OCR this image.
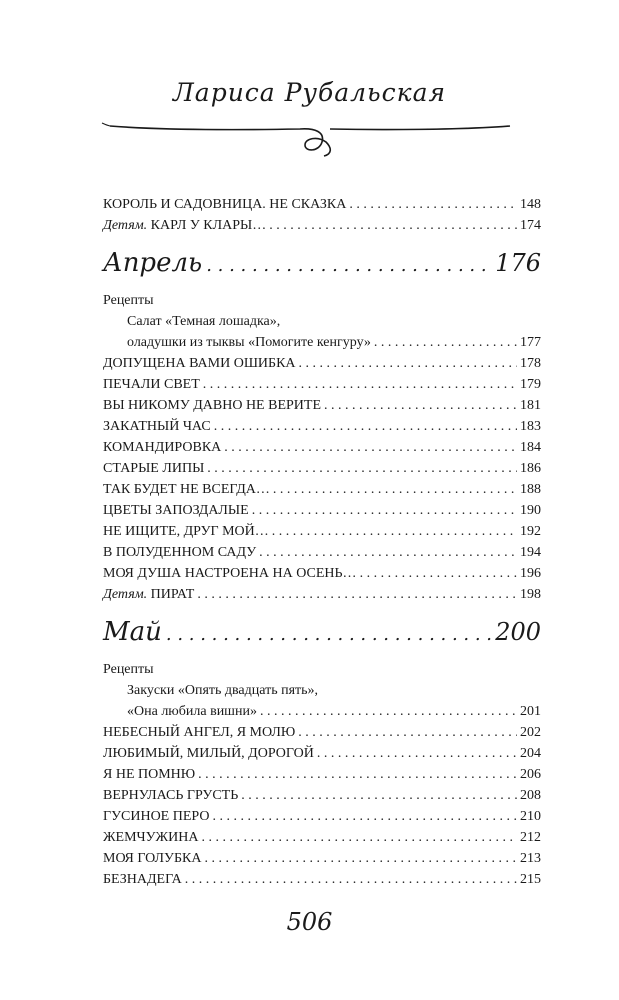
Лариса Рубальская
КОРОЛЬ И САДОВНИЦА. НЕ СКАЗКА . . .	148
Детям. КАРЛ У КЛАРЫ… . . .	174
Апрель . . .	176
Рецепты
Салат «Темная лошадка»,
оладушки из тыквы «Помогите кенгуру» . . .	177
ДОПУЩЕНА ВАМИ ОШИБКА . . .	178
ПЕЧАЛИ СВЕТ . . .	179
ВЫ НИКОМУ ДАВНО НЕ ВЕРИТЕ . . .	181
ЗАКАТНЫЙ ЧАС . . .	183
КОМАНДИРОВКА . . .	184
СТАРЫЕ ЛИПЫ . . .	186
ТАК БУДЕТ НЕ ВСЕГДА… . . .	188
ЦВЕТЫ ЗАПОЗДАЛЫЕ . . .	190
НЕ ИЩИТЕ, ДРУГ МОЙ… . . .	192
В ПОЛУДЕННОМ САДУ . . .	194
МОЯ ДУША НАСТРОЕНА НА ОСЕНЬ… . . .	196
Детям. ПИРАТ . . .	198
Май . . .	200
Рецепты
Закуски «Опять двадцать пять»,
«Она любила вишни» . . .	201
НЕБЕСНЫЙ АНГЕЛ, Я МОЛЮ . . .	202
ЛЮБИМЫЙ, МИЛЫЙ, ДОРОГОЙ . . .	204
Я НЕ ПОМНЮ . . .	206
ВЕРНУЛАСЬ ГРУСТЬ . . .	208
ГУСИНОЕ ПЕРО . . .	210
ЖЕМЧУЖИНА . . .	212
МОЯ ГОЛУБКА . . .	213
БЕЗНАДЕГА . . .	215
506
